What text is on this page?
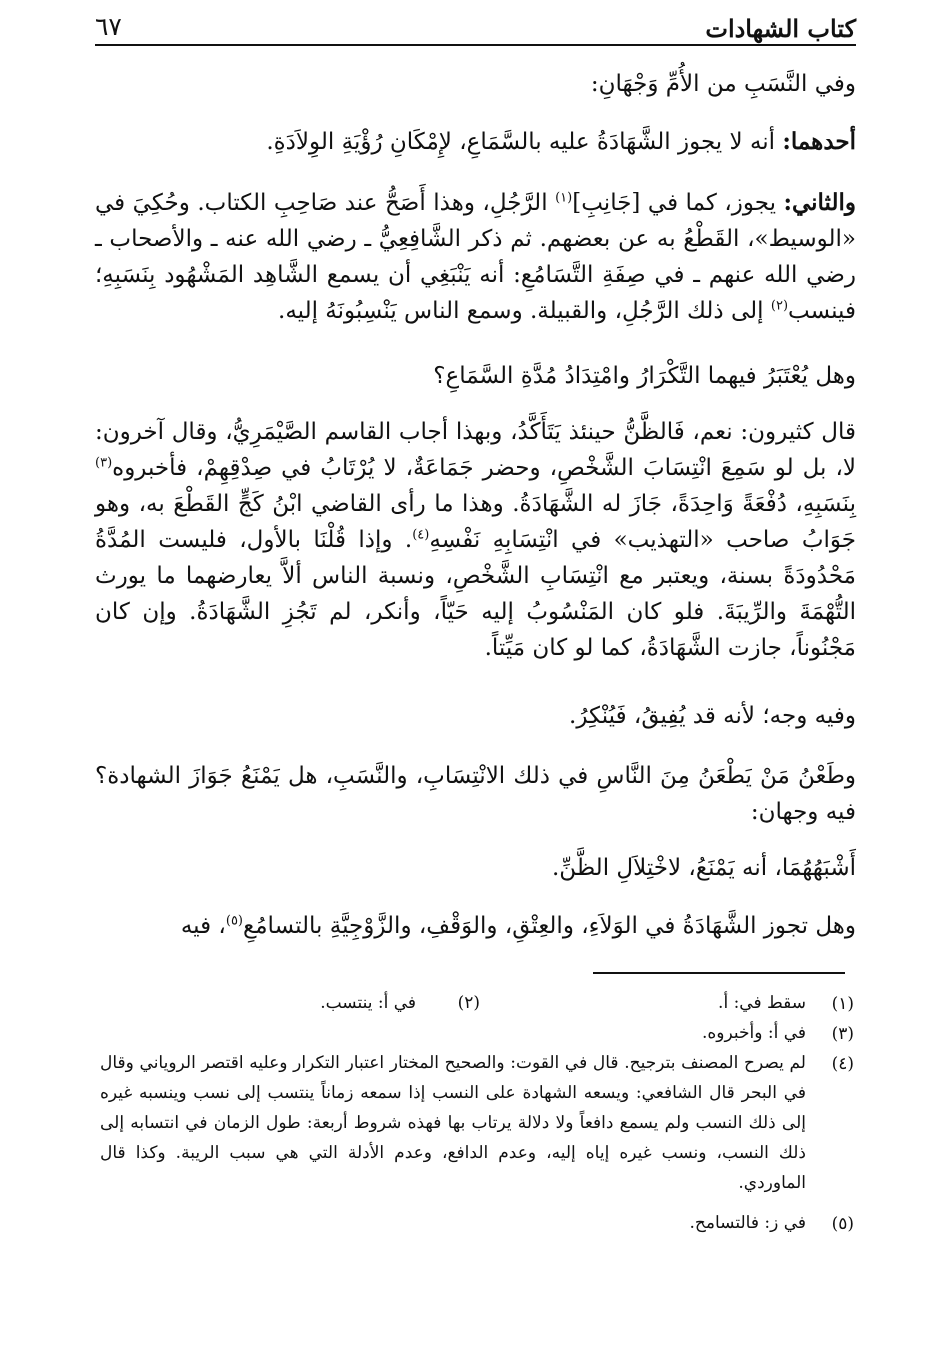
كتاب الشهادات
٦٧
وفي النَّسَبِ من الأُمِّ وَجْهَانِ:
أحدهما: أنه لا يجوز الشَّهَادَةُ عليه بالسَّمَاعِ، لإِمْكَانِ رُؤْيَةِ الوِلاَدَةِ.
والثاني: يجوز، كما في [جَانِبِ]$^{(١)}$ الرَّجُلِ، وهذا أَصَحُّ عند صَاحِبِ الكتاب. وحُكِيَ في «الوسيط»، القَطْعُ به عن بعضهم. ثم ذكر الشَّافِعِيُّ ـ رضي الله عنه ـ والأصحاب ـ رضي الله عنهم ـ في صِفَةِ التَّسَامُعِ: أنه يَنْبَغِي أن يسمع الشَّاهِد المَشْهُود بِنَسَبِهِ؛ فينسب$^{(٢)}$ إلى ذلك الرَّجُلِ، والقبيلة. وسمع الناس يَنْسِبُونَهُ إليه.
وهل يُعْتَبَرُ فيهما التَّكْرَارُ وامْتِدَادُ مُدَّةِ السَّمَاعِ؟
قال كثيرون: نعم، فَالظَّنُّ حينئذ يَتَأَكَّدُ، وبهذا أجاب القاسم الصَّيْمَرِيُّ، وقال آخرون: لا، بل لو سَمِعَ انْتِسَابَ الشَّخْصِ، وحضر جَمَاعَةٌ، لا يُرْتَابُ في صِدْقِهِمْ، فأخبروه$^{(٣)}$ بِنَسَبِهِ، دُفْعَةً وَاحِدَةً، جَازَ له الشَّهَادَةُ. وهذا ما رأى القاضي ابْنُ كَجٍّ القَطْعَ به، وهو جَوَابُ صاحب «التهذيب» في انْتِسَابِهِ نَفْسِهِ$^{(٤)}$. وإذا قُلْنَا بالأول، فليست المُدَّةُ مَحْدُودَةً بسنة، ويعتبر مع انْتِسَابِ الشَّخْصِ، ونسبة الناس ألاَّ يعارضهما ما يورث التُّهْمَةَ والرِّيبَةَ. فلو كان المَنْسُوبُ إليه حَيّاً، وأنكر، لم تَجُزِ الشَّهَادَةُ. وإن كان مَجْنُوناً، جازت الشَّهَادَةُ، كما لو كان مَيِّتاً.
وفيه وجه؛ لأنه قد يُفِيقُ، فَيُنْكِرُ.
وطَعْنُ مَنْ يَطْعَنُ مِنَ النَّاسِ في ذلك الانْتِسَابِ، والنَّسَبِ، هل يَمْنَعُ جَوَازَ الشهادة؟ فيه وجهان:
أَشْبَهُهُمَا، أنه يَمْنَعُ، لاخْتِلاَلِ الظَّنِّ.
وهل تجوز الشَّهَادَةُ في الوَلاَءِ، والعِتْقِ، والوَقْفِ، والزَّوْجِيَّةِ بالتسامُعِ$^{(٥)}$، فيه
(١)
سقط في: أ.
(٢)
في أ: ينتسب.
(٣)
في أ: وأخبروه.
(٤)
لم يصرح المصنف بترجيح. قال في القوت: والصحيح المختار اعتبار التكرار وعليه اقتصر الروياني وقال في البحر قال الشافعي: ويسعه الشهادة على النسب إذا سمعه زماناً ينتسب إلى نسب وينسبه غيره إلى ذلك النسب ولم يسمع دافعاً ولا دلالة يرتاب بها فهذه شروط أربعة: طول الزمان في انتسابه إلى ذلك النسب، ونسب غيره إياه إليه، وعدم الدافع، وعدم الأدلة التي هي سبب الريبة. وكذا قال الماوردي.
(٥)
في ز: فالتسامح.
